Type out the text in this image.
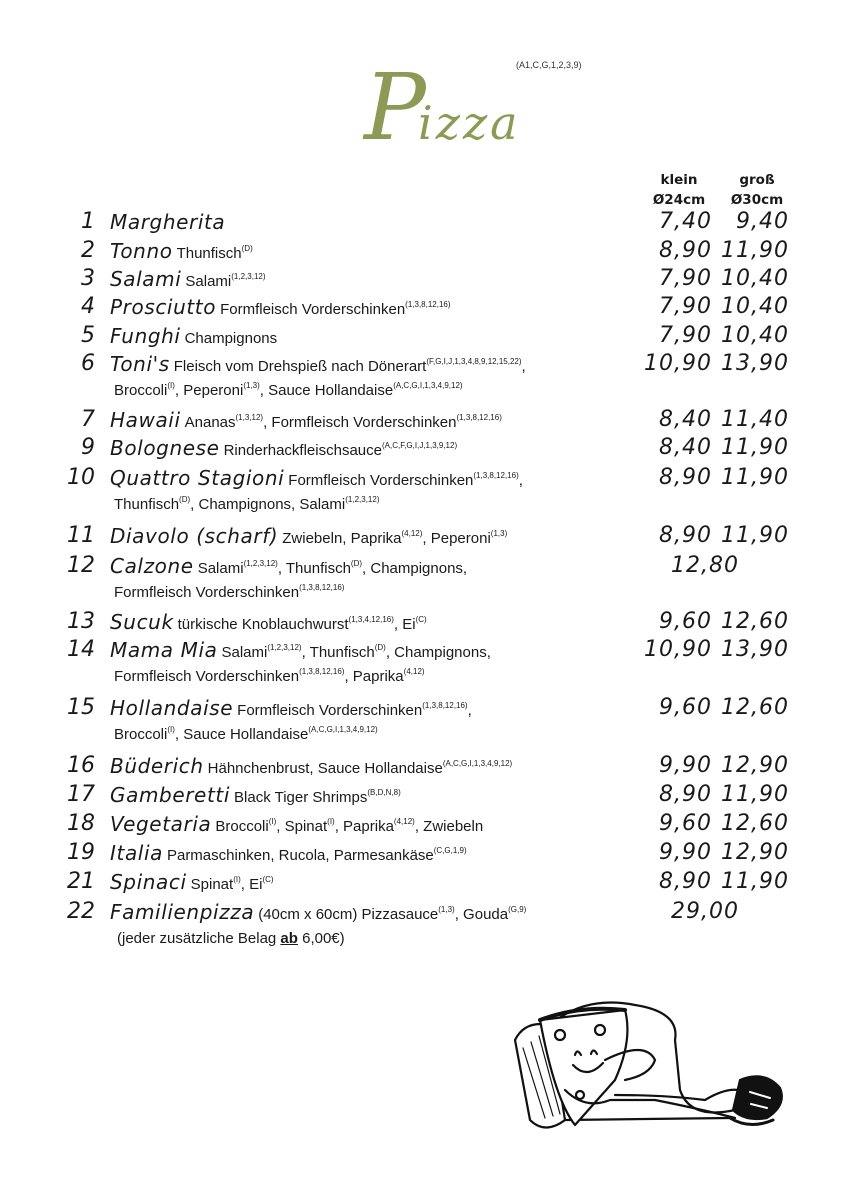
(A1,C,G,1,2,3,9)
P
izza
klein
Ø24cm
groß
Ø30cm
1 Margherita	7,40	9,40
2 Tonno Thunfisch$^{(D)}$	8,90 11,90
3 Salami Salami$^{(1,2,3,12)}$	7,90 10,40
4 Prosciutto Formfleisch Vorderschinken$^{(1,3,8,12,16)}$	7,90 10,40
5 Funghi Champignons	7,90 10,40
6 Toni's Fleisch vom Drehspieß nach Dönerart$^{(F,G,I,J,1,3,4,8,9,12,15,22)}$,
Broccoli$^{(I)}$, Peperoni$^{(1,3)}$, Sauce Hollandaise$^{(A,C,G,I,1,3,4,9,12)}$
10,90 13,90
7 Hawaii Ananas$^{(1,3,12)}$, Formfleisch Vorderschinken$^{(1,3,8,12,16)}$	8,40 11,40
9 Bolognese Rinderhackfleischsauce$^{(A,C,F,G,I,J,1,3,9,12)}$	8,40 11,90
10 Quattro Stagioni Formfleisch Vorderschinken$^{(1,3,8,12,16)}$,
Thunfisch$^{(D)}$, Champignons, Salami$^{(1,2,3,12)}$
8,90 11,90
11 Diavolo (scharf) Zwiebeln, Paprika$^{(4,12)}$, Peperoni$^{(1,3)}$	8,90 11,90
12 Calzone Salami$^{(1,2,3,12)}$, Thunfisch$^{(D)}$, Champignons,
Formfleisch Vorderschinken$^{(1,3,8,12,16)}$
12,80
13 Sucuk türkische Knoblauchwurst$^{(1,3,4,12,16)}$, $Ei^{(C)}$	9,60 12,60
14 Mama Mia Salami$^{(1,2,3,12)}$, Thunfisch$^{(D)}$, Champignons,
Formfleisch Vorderschinken$^{(1,3,8,12,16)}$, Paprika$^{(4,12)}$
10,90 13,90
15 Hollandaise Formfleisch Vorderschinken$^{(1,3,8,12,16)}$,
Broccoli$^{(I)}$, Sauce Hollandaise$^{(A,C,G,I,1,3,4,9,12)}$
9,60 12,60
16 Büderich Hähnchenbrust, Sauce Hollandaise$^{(A,C,G,I,1,3,4,9,12)}$	9,90 12,90
17 Gamberetti Black Tiger Shrimps$^{(B,D,N,8)}$	8,90 11,90
18 Vegetaria Broccoli$^{(I)}$, Spinat$^{(I)}$, Paprika$^{(4,12)}$, Zwiebeln	9,60 12,60
19 Italia Parmaschinken, Rucola, Parmesankäse$^{(C,G,1,9)}$	9,90 12,90
21 Spinaci Spinat$^{(I)}$, $Ei^{(C)}$	8,90 11,90
22 Familienpizza (40cm x 60cm) Pizzasauce$^{(1,3)}$, Gouda$^{(G,9)}$	29,00
(jeder zusätzliche Belag ab 6,00€)
